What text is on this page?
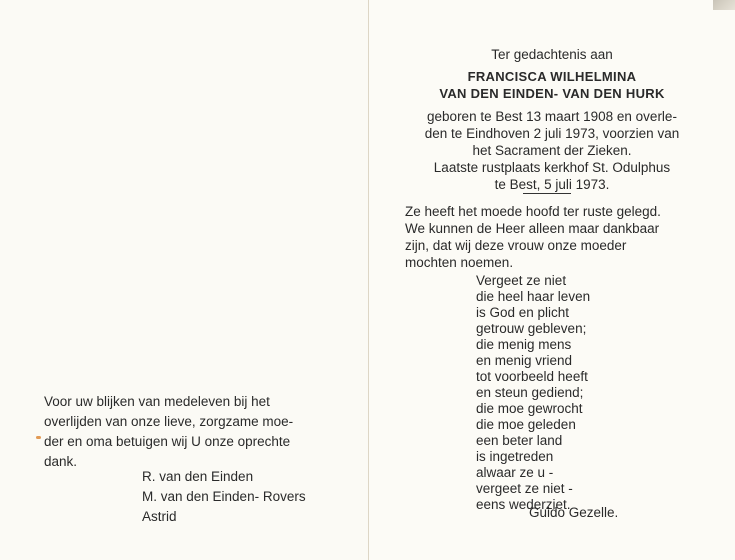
Voor uw blijken van medeleven bij het

overlijden van onze lieve, zorgzame moe-

der en oma betuigen wij U onze oprechte

dank.

R. van den Einden

M. van den Einden- Rovers

Astrid

Ter gedachtenis aan

FRANCISCA WILHELMINA

VAN DEN EINDEN- VAN DEN HURK

geboren te Best 13 maart 1908 en overle-

den te Eindhoven 2 juli 1973, voorzien van

het Sacrament der Zieken.

Laatste rustplaats kerkhof St. Odulphus

te Best, 5 juli 1973.

Ze heeft het moede hoofd ter ruste gelegd.

We kunnen de Heer alleen maar dankbaar

zijn, dat wij deze vrouw onze moeder

mochten noemen.

Vergeet ze niet

die heel haar leven

is God en plicht

getrouw gebleven;

die menig mens

en menig vriend

tot voorbeeld heeft

en steun gediend;

die moe gewrocht

die moe geleden

een beter land

is ingetreden

alwaar ze u -

vergeet ze niet -

eens wederziet.

Guido Gezelle.
